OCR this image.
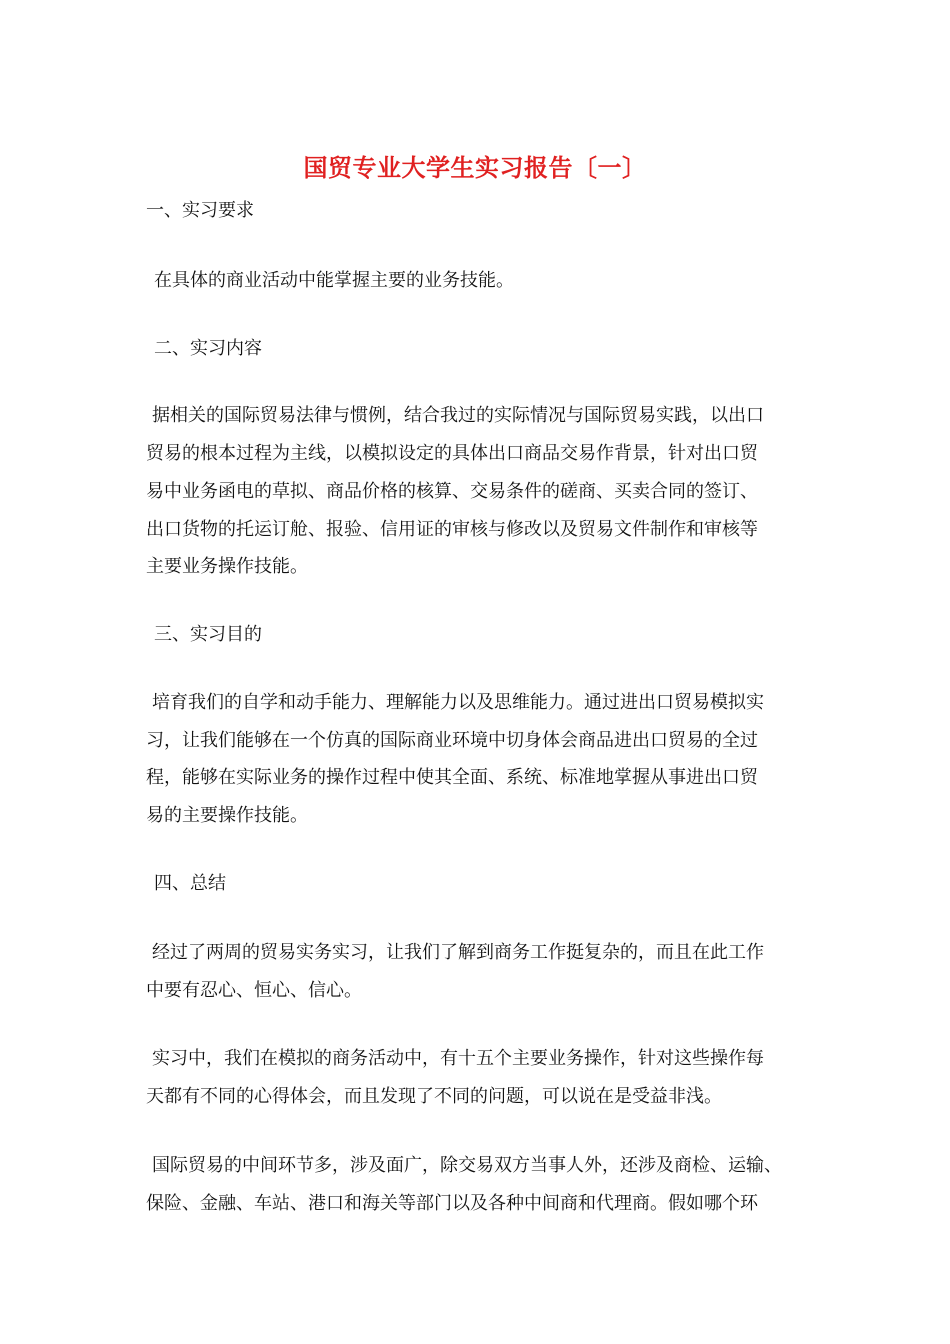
国贸专业大学生实习报告〔一〕

一、实习要求

在具体的商业活动中能掌握主要的业务技能。

二、实习内容

据相关的国际贸易法律与惯例，结合我过的实际情况与国际贸易实践，以出口

贸易的根本过程为主线，以模拟设定的具体出口商品交易作背景，针对出口贸

易中业务函电的草拟、商品价格的核算、交易条件的磋商、买卖合同的签订、

出口货物的托运订舱、报验、信用证的审核与修改以及贸易文件制作和审核等

主要业务操作技能。

三、实习目的

培育我们的自学和动手能力、理解能力以及思维能力。通过进出口贸易模拟实

习，让我们能够在一个仿真的国际商业环境中切身体会商品进出口贸易的全过

程，能够在实际业务的操作过程中使其全面、系统、标准地掌握从事进出口贸

易的主要操作技能。

四、总结

经过了两周的贸易实务实习，让我们了解到商务工作挺复杂的，而且在此工作

中要有忍心、恒心、信心。

实习中，我们在模拟的商务活动中，有十五个主要业务操作，针对这些操作每

天都有不同的心得体会，而且发现了不同的问题，可以说在是受益非浅。

国际贸易的中间环节多，涉及面广，除交易双方当事人外，还涉及商检、运输、

保险、金融、车站、港口和海关等部门以及各种中间商和代理商。假如哪个环
